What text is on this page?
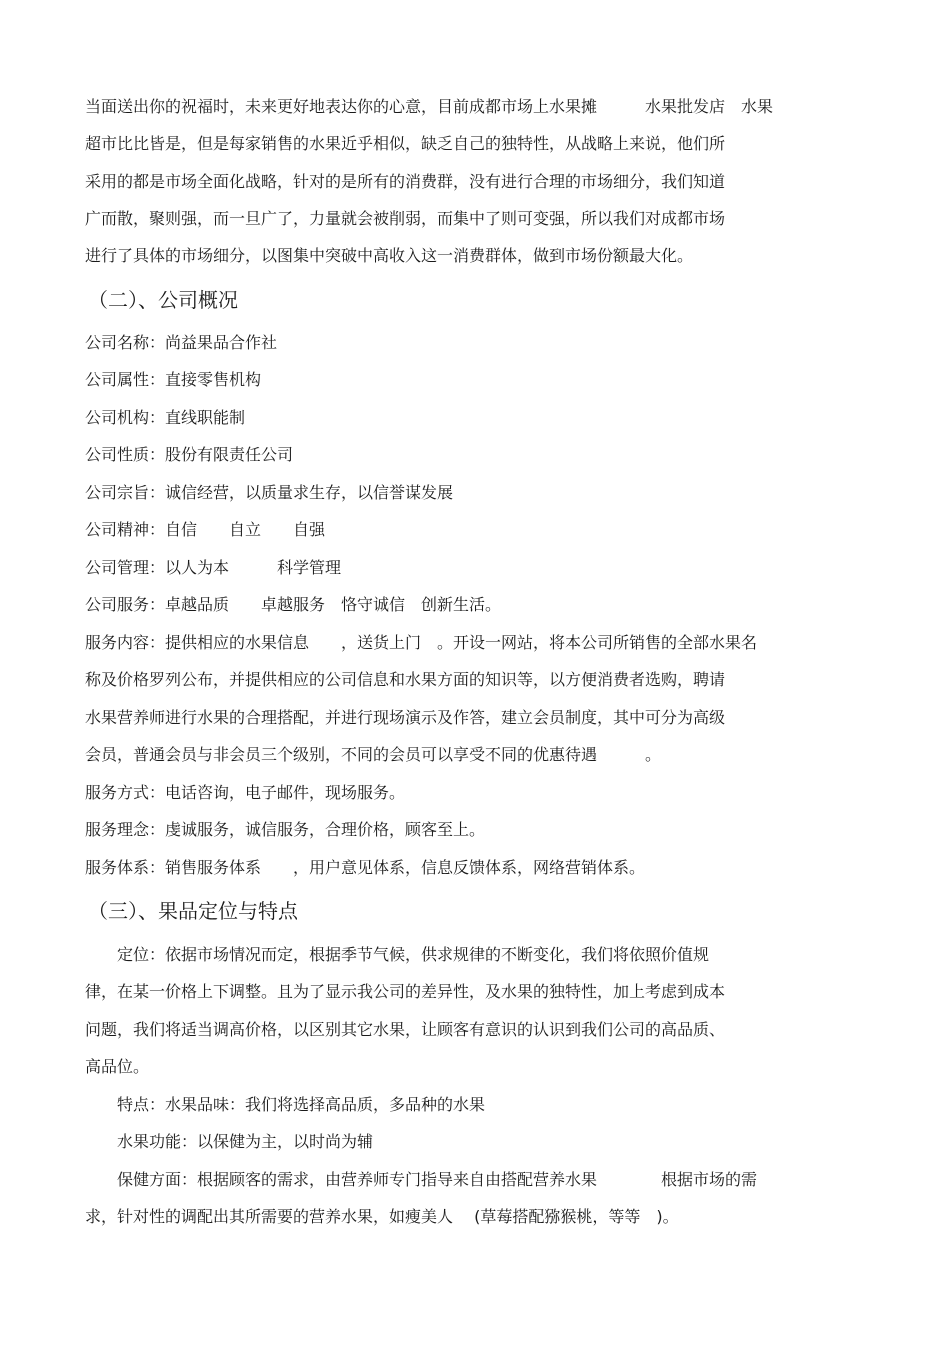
当面送出你的祝福时，未来更好地表达你的心意，目前成都市场上水果摊　　　水果批发店　水果
超市比比皆是，但是每家销售的水果近乎相似，缺乏自己的独特性，从战略上来说，他们所
采用的都是市场全面化战略，针对的是所有的消费群，没有进行合理的市场细分，我们知道
广而散，聚则强，而一旦广了，力量就会被削弱，而集中了则可变强，所以我们对成都市场
进行了具体的市场细分，以图集中突破中高收入这一消费群体，做到市场份额最大化。
（二）、公司概况
公司名称：尚益果品合作社
公司属性：直接零售机构
公司机构：直线职能制
公司性质：股份有限责任公司
公司宗旨：诚信经营，以质量求生存，以信誉谋发展
公司精神：自信　　自立　　自强
公司管理：以人为本　　　科学管理
公司服务：卓越品质　　卓越服务　恪守诚信　创新生活。
服务内容：提供相应的水果信息　　，送货上门　。开设一网站，将本公司所销售的全部水果名
称及价格罗列公布，并提供相应的公司信息和水果方面的知识等，以方便消费者选购，聘请
水果营养师进行水果的合理搭配，并进行现场演示及作答，建立会员制度，其中可分为高级
会员，普通会员与非会员三个级别，不同的会员可以享受不同的优惠待遇　　　。
服务方式：电话咨询，电子邮件，现场服务。
服务理念：虔诚服务，诚信服务，合理价格，顾客至上。
服务体系：销售服务体系　　，用户意见体系，信息反馈体系，网络营销体系。
（三）、果品定位与特点
　　定位：依据市场情况而定，根据季节气候，供求规律的不断变化，我们将依照价值规
律，在某一价格上下调整。且为了显示我公司的差异性，及水果的独特性，加上考虑到成本
问题，我们将适当调高价格，以区别其它水果，让顾客有意识的认识到我们公司的高品质、
高品位。
　　特点：水果品味：我们将选择高品质，多品种的水果
　　水果功能：以保健为主，以时尚为辅
　　保健方面：根据顾客的需求，由营养师专门指导来自由搭配营养水果　　　　根据市场的需
求，针对性的调配出其所需要的营养水果，如瘦美人　 (草莓搭配猕猴桃，等等　)。
